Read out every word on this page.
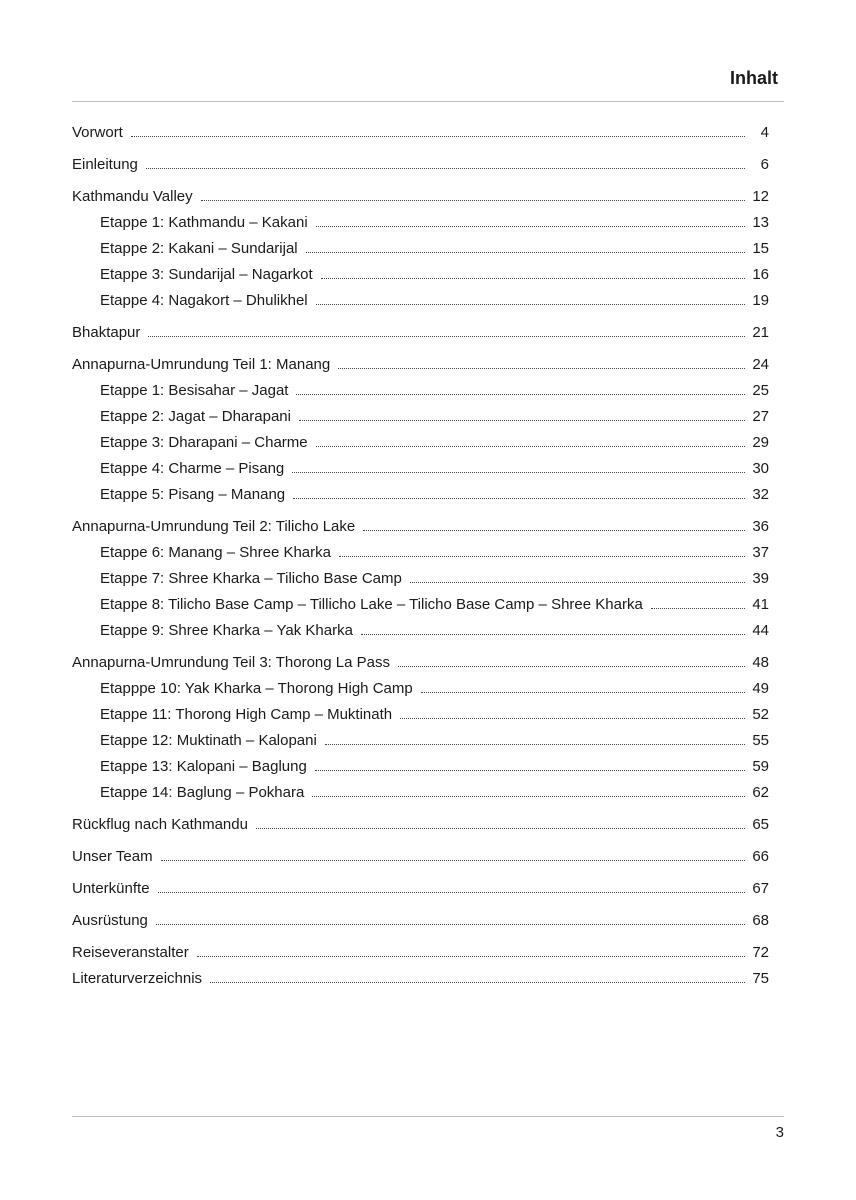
Inhalt
Vorwort	4
Einleitung	6
Kathmandu Valley	12
Etappe 1: Kathmandu – Kakani	13
Etappe 2: Kakani – Sundarijal	15
Etappe 3: Sundarijal – Nagarkot	16
Etappe 4: Nagakort – Dhulikhel	19
Bhaktapur	21
Annapurna-Umrundung Teil 1: Manang	24
Etappe 1: Besisahar – Jagat	25
Etappe 2: Jagat – Dharapani	27
Etappe 3: Dharapani – Charme	29
Etappe 4: Charme – Pisang	30
Etappe 5: Pisang – Manang	32
Annapurna-Umrundung Teil 2: Tilicho Lake	36
Etappe 6: Manang – Shree Kharka	37
Etappe 7: Shree Kharka – Tilicho Base Camp	39
Etappe 8: Tilicho Base Camp – Tillicho Lake – Tilicho Base Camp – Shree Kharka	41
Etappe 9: Shree Kharka – Yak Kharka	44
Annapurna-Umrundung Teil 3: Thorong La Pass	48
Etapppe 10: Yak Kharka – Thorong High Camp	49
Etappe 11: Thorong High Camp – Muktinath	52
Etappe 12: Muktinath – Kalopani	55
Etappe 13: Kalopani – Baglung	59
Etappe 14: Baglung – Pokhara	62
Rückflug nach Kathmandu	65
Unser Team	66
Unterkünfte	67
Ausrüstung	68
Reiseveranstalter	72
Literaturverzeichnis	75
3
